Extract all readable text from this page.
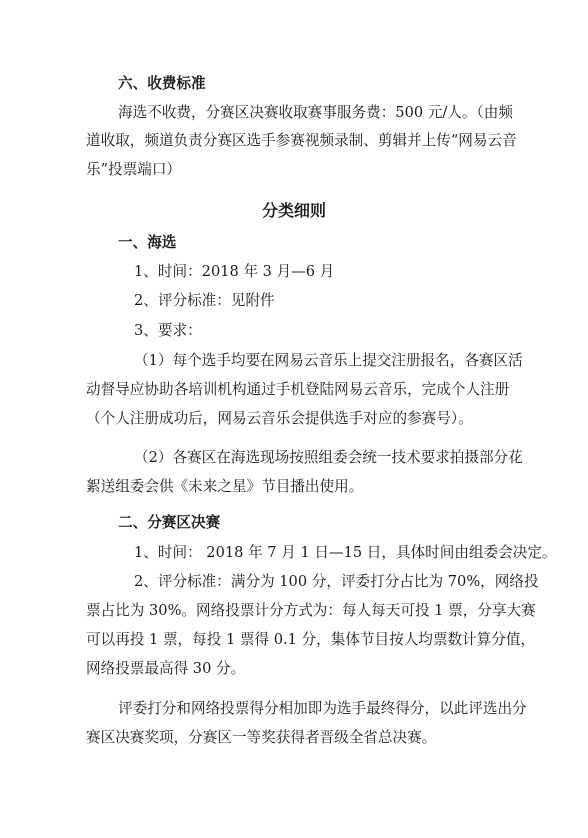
六、收费标准
海选不收费，分赛区决赛收取赛事服务费：500 元/人。（由频
道收取，频道负责分赛区选手参赛视频录制、剪辑并上传“网易云音
乐”投票端口）
分类细则
一、海选
1、时间：2018 年 3 月—6 月
2、评分标准：见附件
3、要求：
（1）每个选手均要在网易云音乐上提交注册报名，各赛区活
动督导应协助各培训机构通过手机登陆网易云音乐，完成个人注册
（个人注册成功后，网易云音乐会提供选手对应的参赛号）。
（2）各赛区在海选现场按照组委会统一技术要求拍摄部分花
絮送组委会供《未来之星》节目播出使用。
二、分赛区决赛
1、时间： 2018 年 7 月 1 日—15 日，具体时间由组委会决定。
2、评分标准：满分为 100 分，评委打分占比为 70%，网络投
票占比为 30%。网络投票计分方式为：每人每天可投 1 票，分享大赛
可以再投 1 票，每投 1 票得 0.1 分，集体节目按人均票数计算分值，
网络投票最高得 30 分。
评委打分和网络投票得分相加即为选手最终得分，以此评选出分
赛区决赛奖项，分赛区一等奖获得者晋级全省总决赛。
